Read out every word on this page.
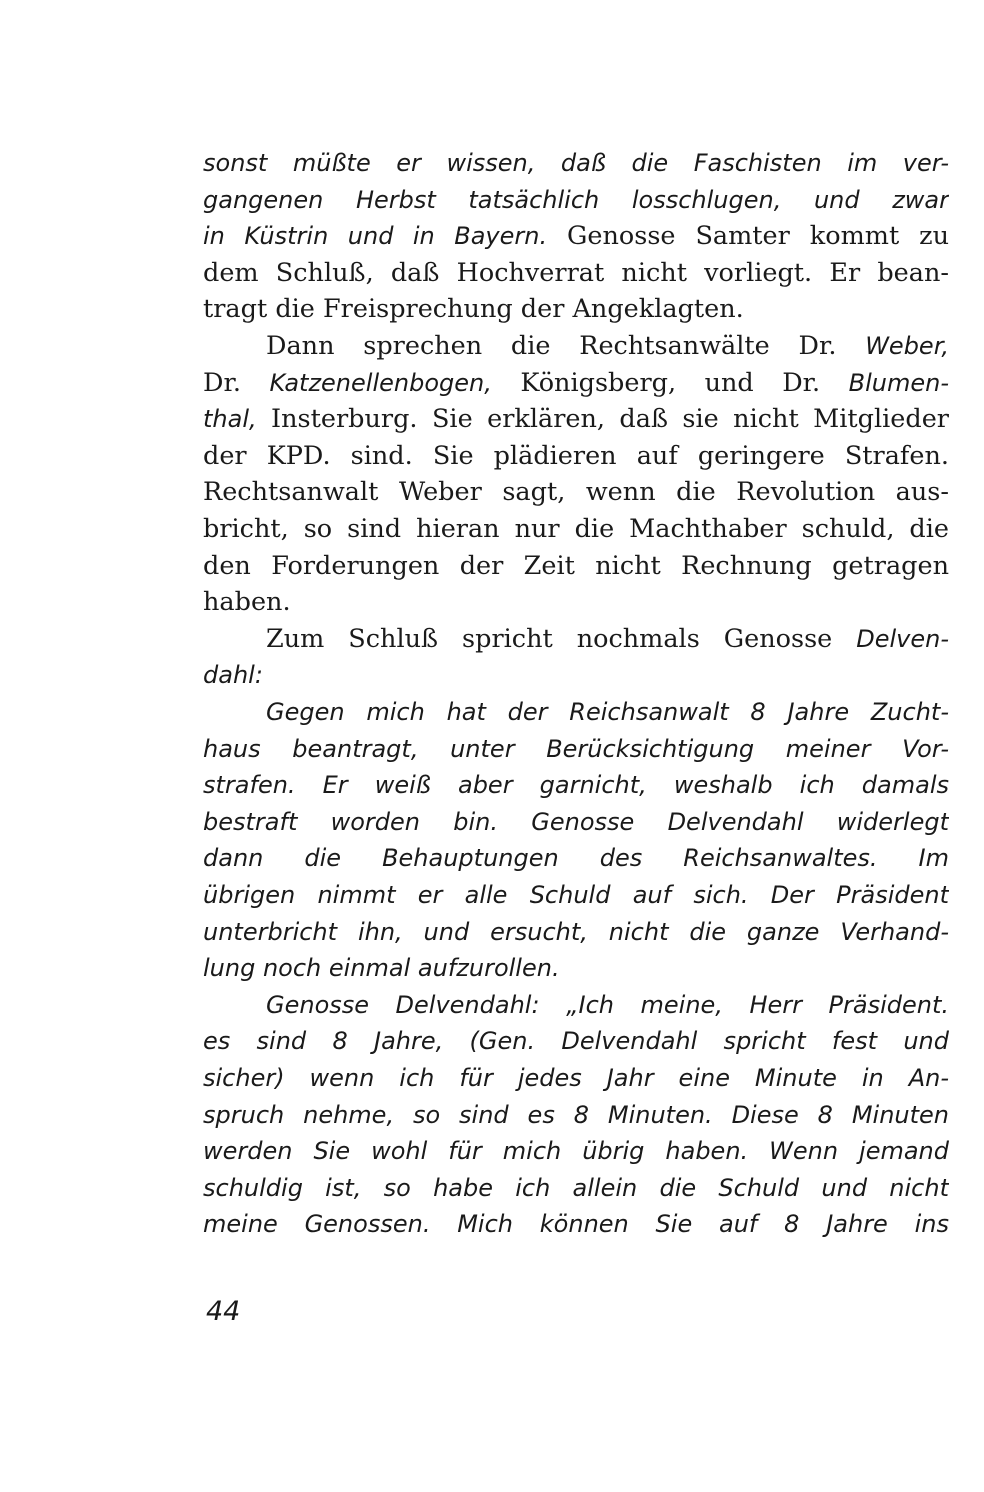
sonst müßte er wissen, daß die Faschisten im ver-
gangenen Herbst tatsächlich losschlugen, und zwar
in Küstrin und in Bayern. Genosse Samter kommt zu
dem Schluß, daß Hochverrat nicht vorliegt. Er bean-
tragt die Freisprechung der Angeklagten.
Dann sprechen die Rechtsanwälte Dr. Weber,
Dr. Katzenellenbogen, Königsberg, und Dr. Blumen-
thal, Insterburg. Sie erklären, daß sie nicht Mitglieder
der KPD. sind. Sie plädieren auf geringere Strafen.
Rechtsanwalt Weber sagt, wenn die Revolution aus-
bricht, so sind hieran nur die Machthaber schuld, die
den Forderungen der Zeit nicht Rechnung getragen
haben.
Zum Schluß spricht nochmals Genosse Delven-
dahl:
Gegen mich hat der Reichsanwalt 8 Jahre Zucht-
haus beantragt, unter Berücksichtigung meiner Vor-
strafen. Er weiß aber garnicht, weshalb ich damals
bestraft worden bin. Genosse Delvendahl widerlegt
dann die Behauptungen des Reichsanwaltes. Im
übrigen nimmt er alle Schuld auf sich. Der Präsident
unterbricht ihn, und ersucht, nicht die ganze Verhand-
lung noch einmal aufzurollen.
Genosse Delvendahl: „Ich meine, Herr Präsident.
es sind 8 Jahre, (Gen. Delvendahl spricht fest und
sicher) wenn ich für jedes Jahr eine Minute in An-
spruch nehme, so sind es 8 Minuten. Diese 8 Minuten
werden Sie wohl für mich übrig haben. Wenn jemand
schuldig ist, so habe ich allein die Schuld und nicht
meine Genossen. Mich können Sie auf 8 Jahre ins
44
